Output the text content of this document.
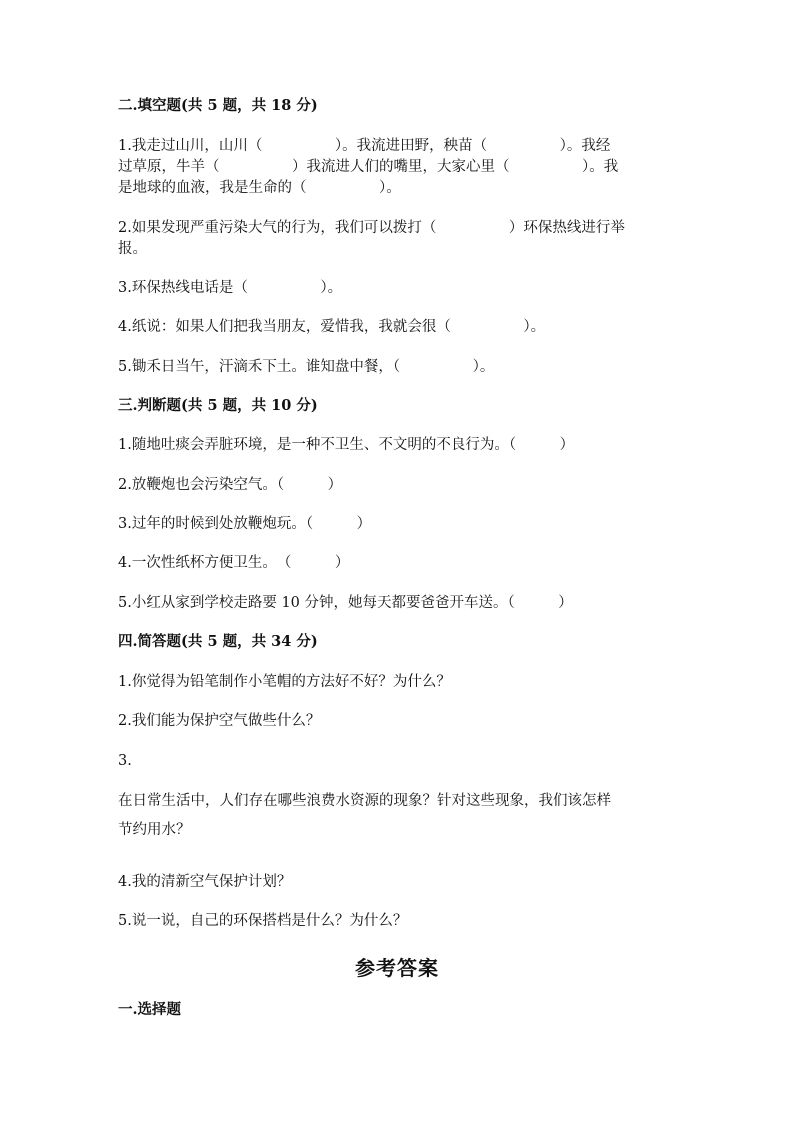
二.填空题(共 5 题，共 18 分)
1.我走过山川，山川（　　　　　）。我流进田野，秧苗（　　　　　）。我经
过草原，牛羊（　　　　　）我流进人们的嘴里，大家心里（　　　　　）。我
是地球的血液，我是生命的（　　　　　）。
2.如果发现严重污染大气的行为，我们可以拨打（　　　　　）环保热线进行举
报。
3.环保热线电话是（　　　　　）。
4.纸说：如果人们把我当朋友，爱惜我，我就会很（　　　　　）。
5.锄禾日当午，汗滴禾下土。谁知盘中餐，（　　　　　）。
三.判断题(共 5 题，共 10 分)
1.随地吐痰会弄脏环境，是一种不卫生、不文明的不良行为。（　　　）
2.放鞭炮也会污染空气。（　　　）
3.过年的时候到处放鞭炮玩。（　　　）
4.一次性纸杯方便卫生。　（　　　）
5.小红从家到学校走路要 10 分钟，她每天都要爸爸开车送。（　　　）
四.简答题(共 5 题，共 34 分)
1.你觉得为铅笔制作小笔帽的方法好不好？为什么？
2.我们能为保护空气做些什么？
3.
在日常生活中，人们存在哪些浪费水资源的现象？针对这些现象，我们该怎样
节约用水？
4.我的清新空气保护计划？
5.说一说，自己的环保搭档是什么？为什么？
参考答案
一.选择题
